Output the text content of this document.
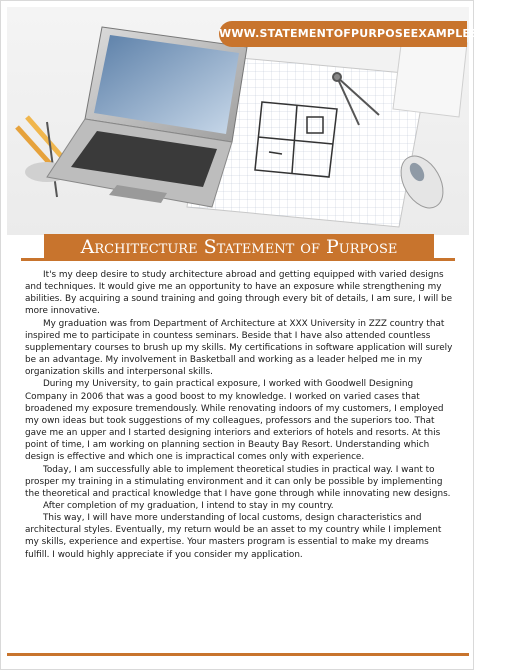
WWW.STATEMENTOFPURPOSEEXAMPLES.NET
Architecture Statement of Purpose

It's my deep desire to study architecture abroad and getting equipped with varied designs and techniques. It would give me an opportunity to have an exposure while strengthening my abilities. By acquiring a sound training and going through every bit of details, I am sure, I will be more innovative.

My graduation was from Department of Architecture at XXX University in ZZZ country that inspired me to participate in countess seminars. Beside that I have also attended countless supplementary courses to brush up my skills. My certifications in software application will surely be an advantage. My involvement in Basketball and working as a leader helped me in my organization skills and interpersonal skills.

During my University, to gain practical exposure, I worked with Goodwell Designing Company in 2006 that was a good boost to my knowledge. I worked on varied cases that broadened my exposure tremendously. While renovating indoors of my customers, I employed my own ideas but took suggestions of my colleagues, professors and the superiors too. That gave me an upper and I started designing interiors and exteriors of hotels and resorts. At this point of time, I am working on planning section in Beauty Bay Resort. Understanding which design is effective and which one is impractical comes only with experience.

Today, I am successfully able to implement theoretical studies in practical way. I want to prosper my training in a stimulating environment and it can only be possible by implementing the theoretical and practical knowledge that I have gone through while innovating new designs.

After completion of my graduation, I intend to stay in my country.

This way, I will have more understanding of local customs, design characteristics and architectural styles. Eventually, my return would be an asset to my country while I implement my skills, experience and expertise. Your masters program is essential to make my dreams fulfill. I would highly appreciate if you consider my application.
